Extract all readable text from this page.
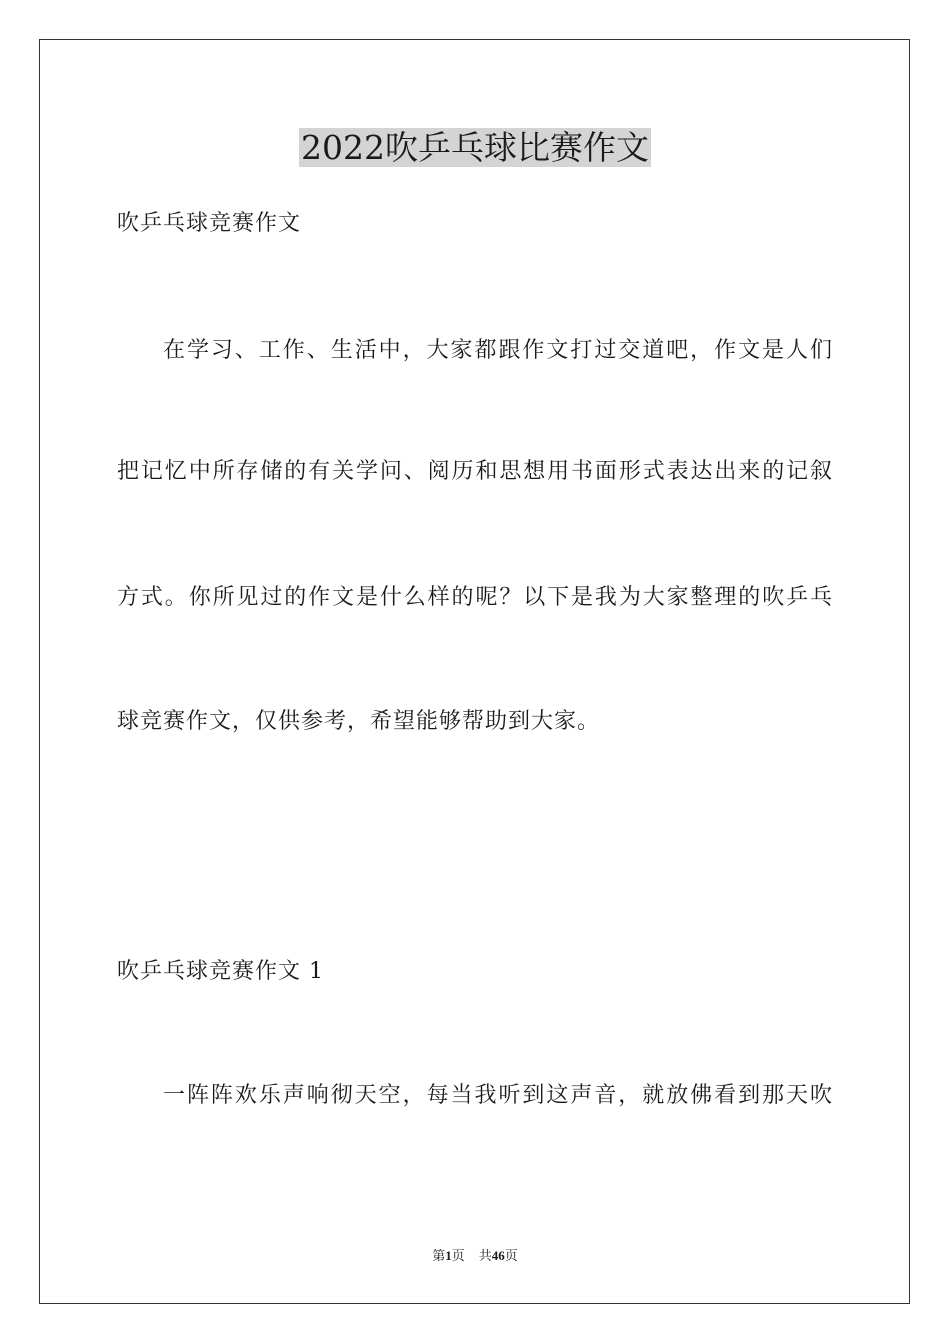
2022吹乒乓球比赛作文

吹乒乓球竞赛作文

在学习、工作、生活中，大家都跟作文打过交道吧，作文是人们

把记忆中所存储的有关学问、阅历和思想用书面形式表达出来的记叙

方式。你所见过的作文是什么样的呢？以下是我为大家整理的吹乒乓

球竞赛作文，仅供参考，希望能够帮助到大家。

吹乒乓球竞赛作文 1

一阵阵欢乐声响彻天空，每当我听到这声音，就放佛看到那天吹

第1页 共46页
